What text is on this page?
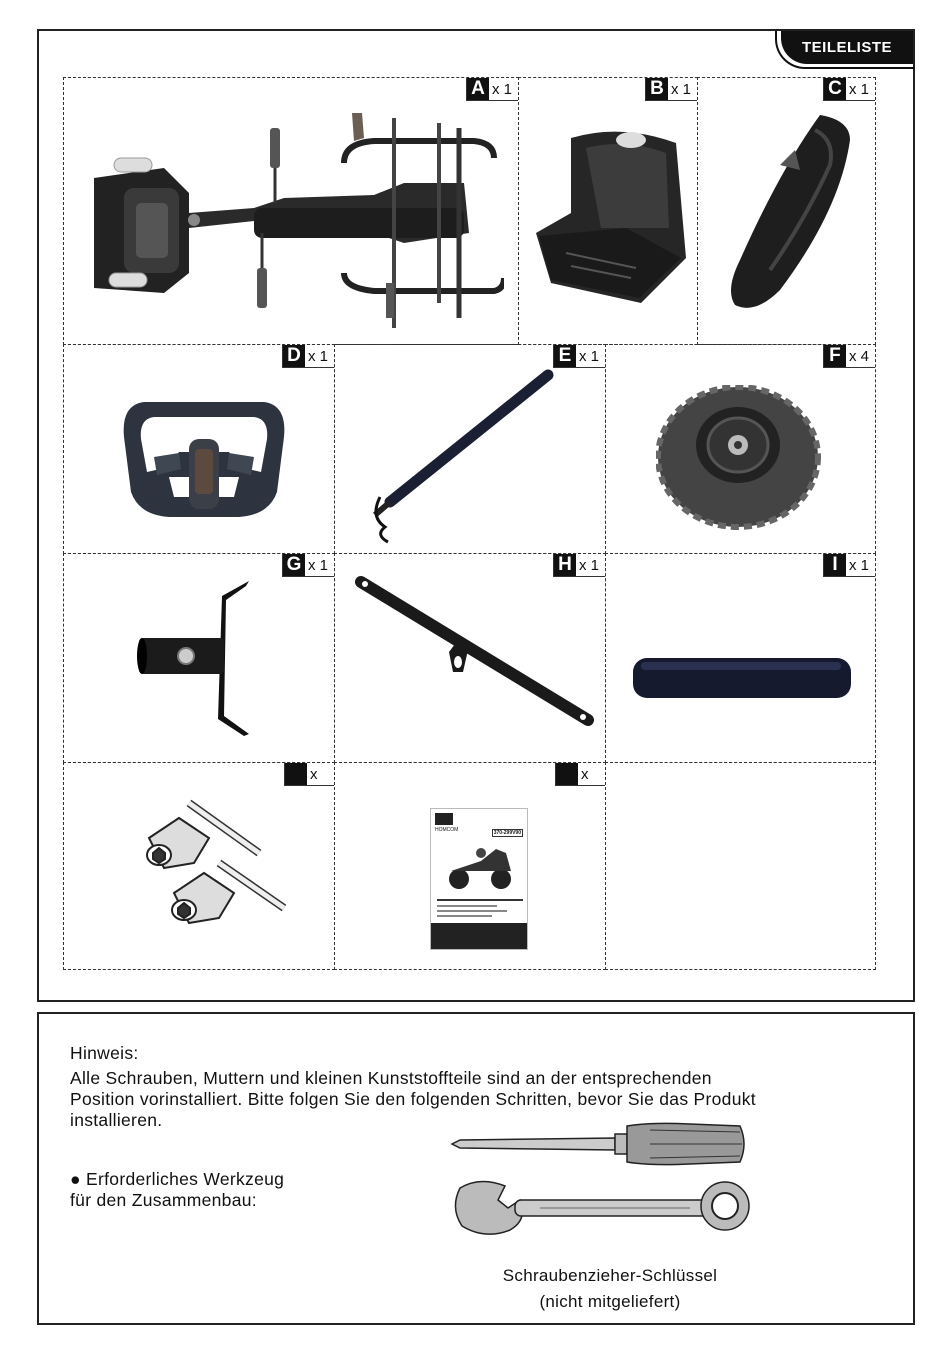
TEILELISTE
A x 1	B x 1	C x 1
D x 1	E x 1	F x 4
G x 1	H x 1	I x 1
x	x
HOMCOM	370-299V90
Hinweis:
Alle Schrauben, Muttern und kleinen Kunststoffteile sind an der entsprechenden
Position vorinstalliert. Bitte folgen Sie den folgenden Schritten, bevor Sie das Produkt
installieren.
● Erforderliches Werkzeug
für den Zusammenbau:
Schraubenzieher-Schlüssel
(nicht mitgeliefert)
